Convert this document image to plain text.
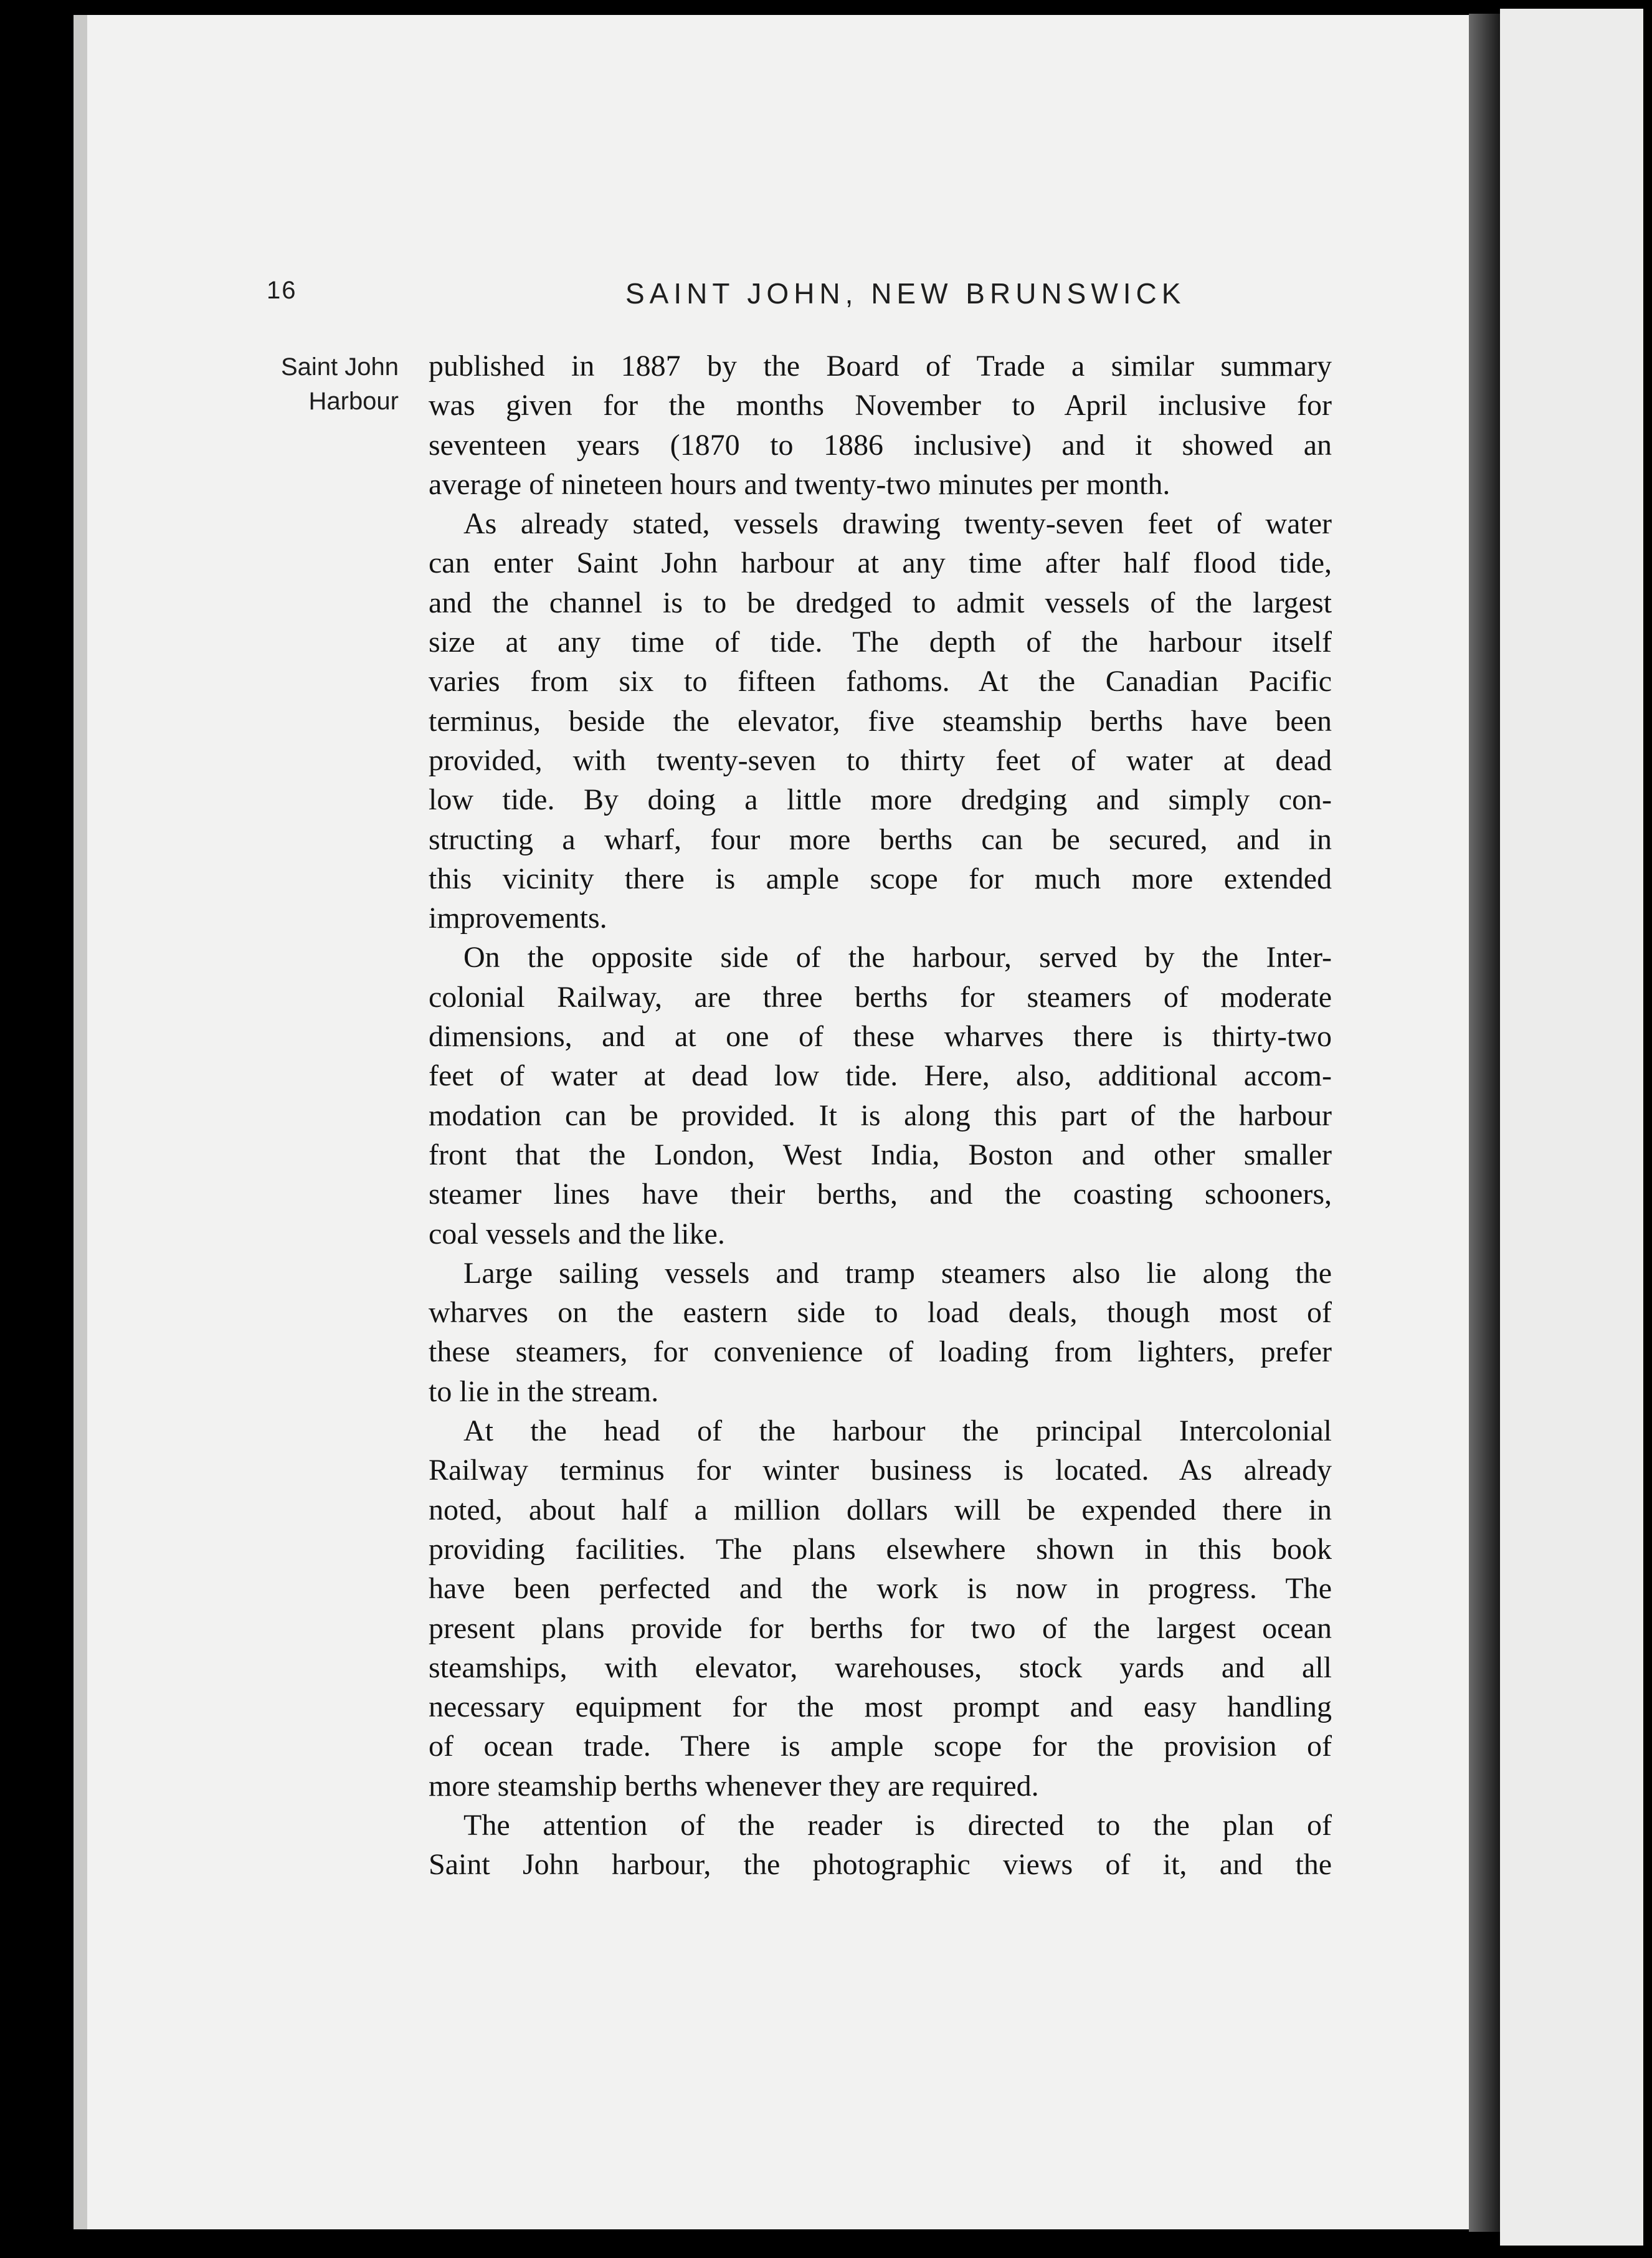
16	SAINT JOHN, NEW BRUNSWICK
Saint John
Harbour
published in 1887 by the Board of Trade a similar summary
was given for the months November to April inclusive for
seventeen years (1870 to 1886 inclusive) and it showed an
average of nineteen hours and twenty-two minutes per month.
As already stated, vessels drawing twenty-seven feet of water
can enter Saint John harbour at any time after half flood tide,
and the channel is to be dredged to admit vessels of the largest
size at any time of tide. The depth of the harbour itself
varies from six to fifteen fathoms. At the Canadian Pacific
terminus, beside the elevator, five steamship berths have been
provided, with twenty-seven to thirty feet of water at dead
low tide. By doing a little more dredging and simply con-
structing a wharf, four more berths can be secured, and in
this vicinity there is ample scope for much more extended
improvements.
On the opposite side of the harbour, served by the Inter-
colonial Railway, are three berths for steamers of moderate
dimensions, and at one of these wharves there is thirty-two
feet of water at dead low tide. Here, also, additional accom-
modation can be provided. It is along this part of the harbour
front that the London, West India, Boston and other smaller
steamer lines have their berths, and the coasting schooners,
coal vessels and the like.
Large sailing vessels and tramp steamers also lie along the
wharves on the eastern side to load deals, though most of
these steamers, for convenience of loading from lighters, prefer
to lie in the stream.
At the head of the harbour the principal Intercolonial
Railway terminus for winter business is located. As already
noted, about half a million dollars will be expended there in
providing facilities. The plans elsewhere shown in this book
have been perfected and the work is now in progress. The
present plans provide for berths for two of the largest ocean
steamships, with elevator, warehouses, stock yards and all
necessary equipment for the most prompt and easy handling
of ocean trade. There is ample scope for the provision of
more steamship berths whenever they are required.
The attention of the reader is directed to the plan of
Saint John harbour, the photographic views of it, and the
